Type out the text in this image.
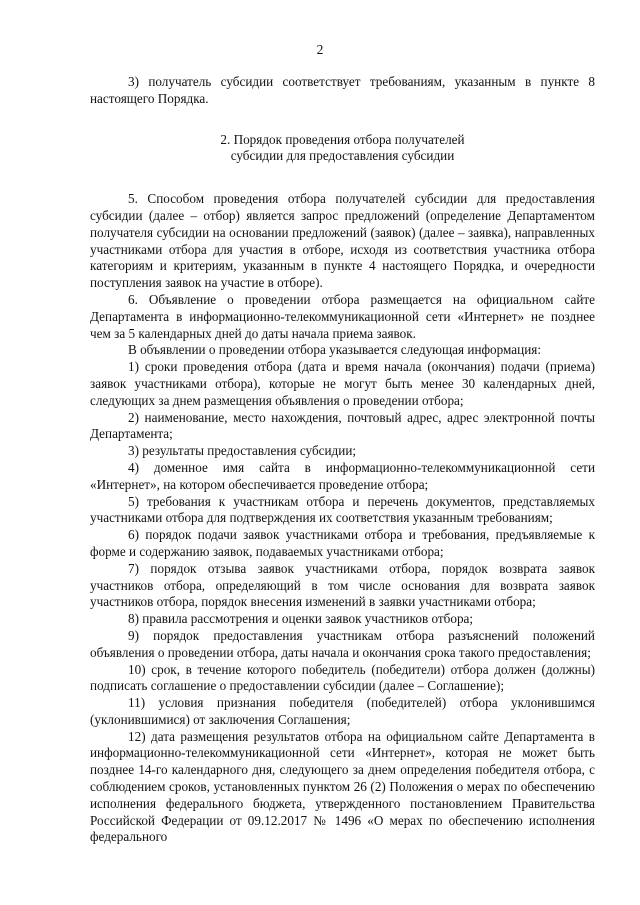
2

3) получатель субсидии соответствует требованиям, указанным в пункте 8 настоящего Порядка.

2. Порядок проведения отбора получателей
субсидии для предоставления субсидии

5. Способом проведения отбора получателей субсидии для предоставления субсидии (далее – отбор) является запрос предложений (определение Департаментом получателя субсидии на основании предложений (заявок) (далее – заявка), направленных участниками отбора для участия в отборе, исходя из соответствия участника отбора категориям и критериям, указанным в пункте 4 настоящего Порядка, и очередности поступления заявок на участие в отборе).

6. Объявление о проведении отбора размещается на официальном сайте Департамента в информационно-телекоммуникационной сети «Интернет» не позднее чем за 5 календарных дней до даты начала приема заявок.

В объявлении о проведении отбора указывается следующая информация:

1) сроки проведения отбора (дата и время начала (окончания) подачи (приема) заявок участниками отбора), которые не могут быть менее 30 календарных дней, следующих за днем размещения объявления о проведении отбора;

2) наименование, место нахождения, почтовый адрес, адрес электронной почты Департамента;

3) результаты предоставления субсидии;

4) доменное имя сайта в информационно-телекоммуникационной сети «Интернет», на котором обеспечивается проведение отбора;

5) требования к участникам отбора и перечень документов, представляемых участниками отбора для подтверждения их соответствия указанным требованиям;

6) порядок подачи заявок участниками отбора и требования, предъявляемые к форме и содержанию заявок, подаваемых участниками отбора;

7) порядок отзыва заявок участниками отбора, порядок возврата заявок участников отбора, определяющий в том числе основания для возврата заявок участников отбора, порядок внесения изменений в заявки участниками отбора;

8) правила рассмотрения и оценки заявок участников отбора;

9) порядок предоставления участникам отбора разъяснений положений объявления о проведении отбора, даты начала и окончания срока такого предоставления;

10) срок, в течение которого победитель (победители) отбора должен (должны) подписать соглашение о предоставлении субсидии (далее – Соглашение);

11) условия признания победителя (победителей) отбора уклонившимся (уклонившимися) от заключения Соглашения;

12) дата размещения результатов отбора на официальном сайте Департамента в информационно-телекоммуникационной сети «Интернет», которая не может быть позднее 14-го календарного дня, следующего за днем определения победителя отбора, с соблюдением сроков, установленных пунктом 26 (2) Положения о мерах по обеспечению исполнения федерального бюджета, утвержденного постановлением Правительства Российской Федерации от 09.12.2017 № 1496 «О мерах по обеспечению исполнения федерального
